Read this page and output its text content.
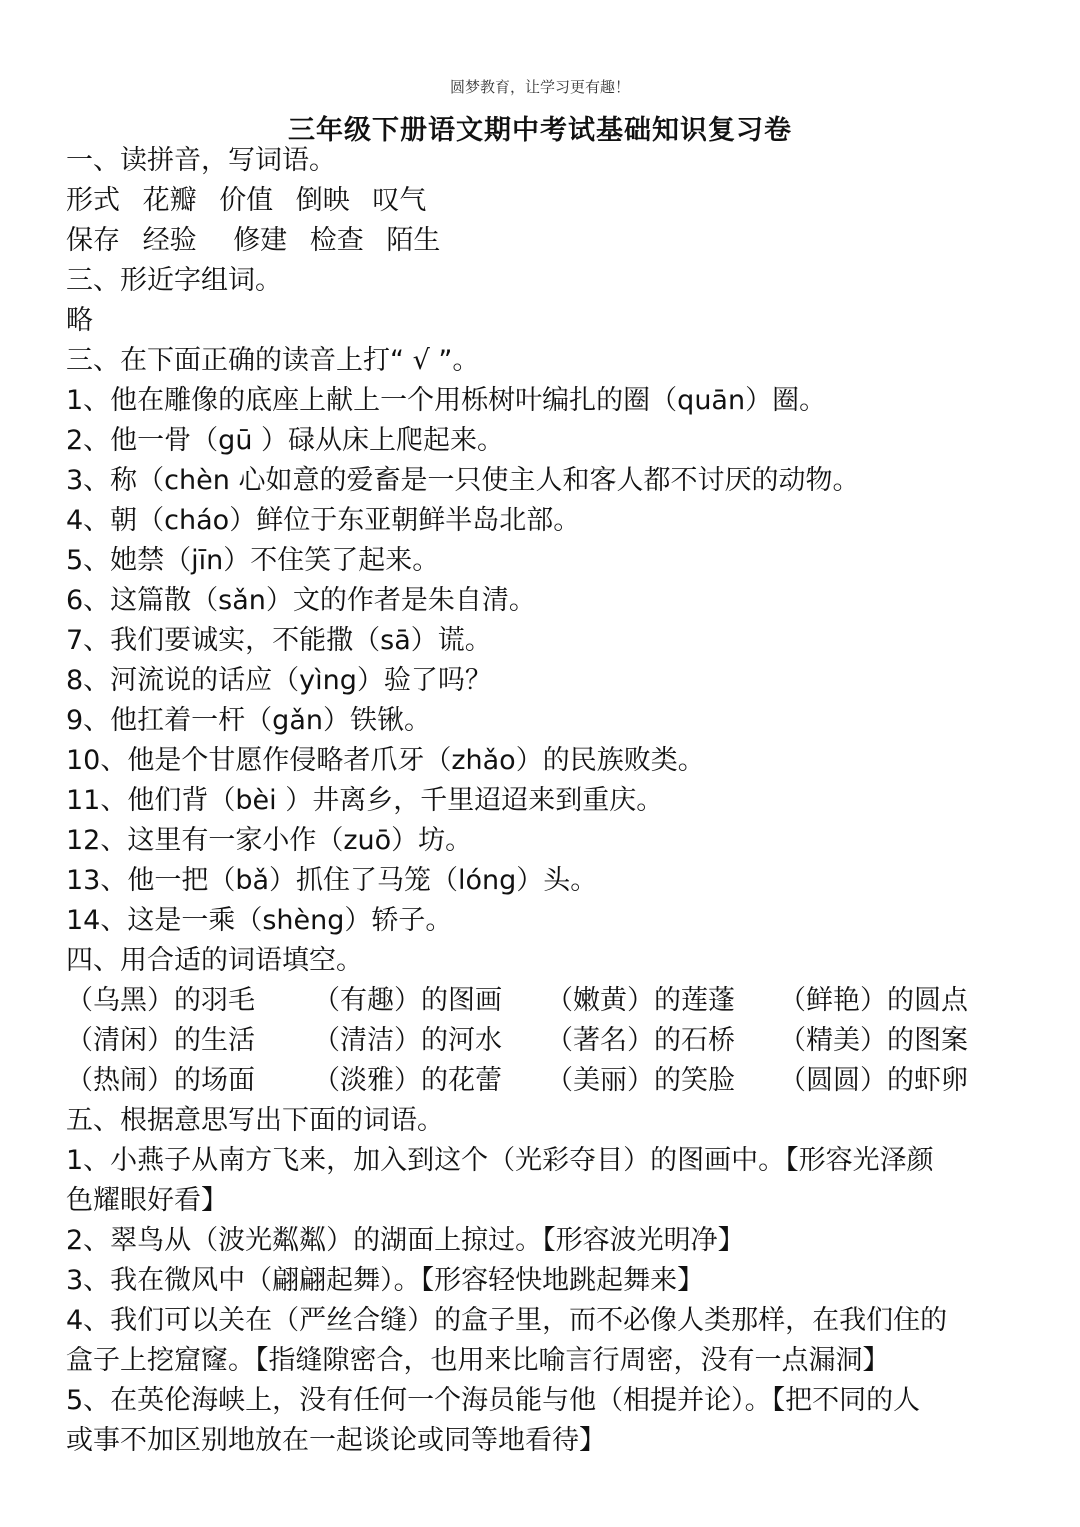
圆梦教育，让学习更有趣！
三年级下册语文期中考试基础知识复习卷
一、读拼音，写词语。
形式 花瓣 价值 倒映 叹气
保存 经验 修建 检查 陌生
三、形近字组词。
略
三、在下面正确的读音上打“ √ ”。
1、他在雕像的底座上献上一个用栎树叶编扎的圈（quān）圈。
2、他一骨（gū ）碌从床上爬起来。
3、称（chèn 心如意的爱畜是一只使主人和客人都不讨厌的动物。
4、朝（cháo）鲜位于东亚朝鲜半岛北部。
5、她禁（jīn）不住笑了起来。
6、这篇散（sǎn）文的作者是朱自清。
7、我们要诚实，不能撒（sā）谎。
8、河流说的话应（yìng）验了吗？
9、他扛着一杆（gǎn）铁锹。
10、他是个甘愿作侵略者爪牙（zhǎo）的民族败类。
11、他们背（bèi ）井离乡，千里迢迢来到重庆。
12、这里有一家小作（zuō）坊。
13、他一把（bǎ）抓住了马笼（lóng）头。
14、这是一乘（shèng）轿子。
四、用合适的词语填空。
（乌黑）的羽毛	（有趣）的图画	（嫩黄）的莲蓬	（鲜艳）的圆点
（清闲）的生活	（清洁）的河水	（著名）的石桥	（精美）的图案
（热闹）的场面	（淡雅）的花蕾	（美丽）的笑脸	（圆圆）的虾卵
五、根据意思写出下面的词语。
1、小燕子从南方飞来，加入到这个（光彩夺目）的图画中。【形容光泽颜
色耀眼好看】
2、翠鸟从（波光粼粼）的湖面上掠过。【形容波光明净】
3、我在微风中（翩翩起舞）。【形容轻快地跳起舞来】
4、我们可以关在（严丝合缝）的盒子里，而不必像人类那样，在我们住的
盒子上挖窟窿。【指缝隙密合，也用来比喻言行周密，没有一点漏洞】
5、在英伦海峡上，没有任何一个海员能与他（相提并论）。【把不同的人
或事不加区别地放在一起谈论或同等地看待】
